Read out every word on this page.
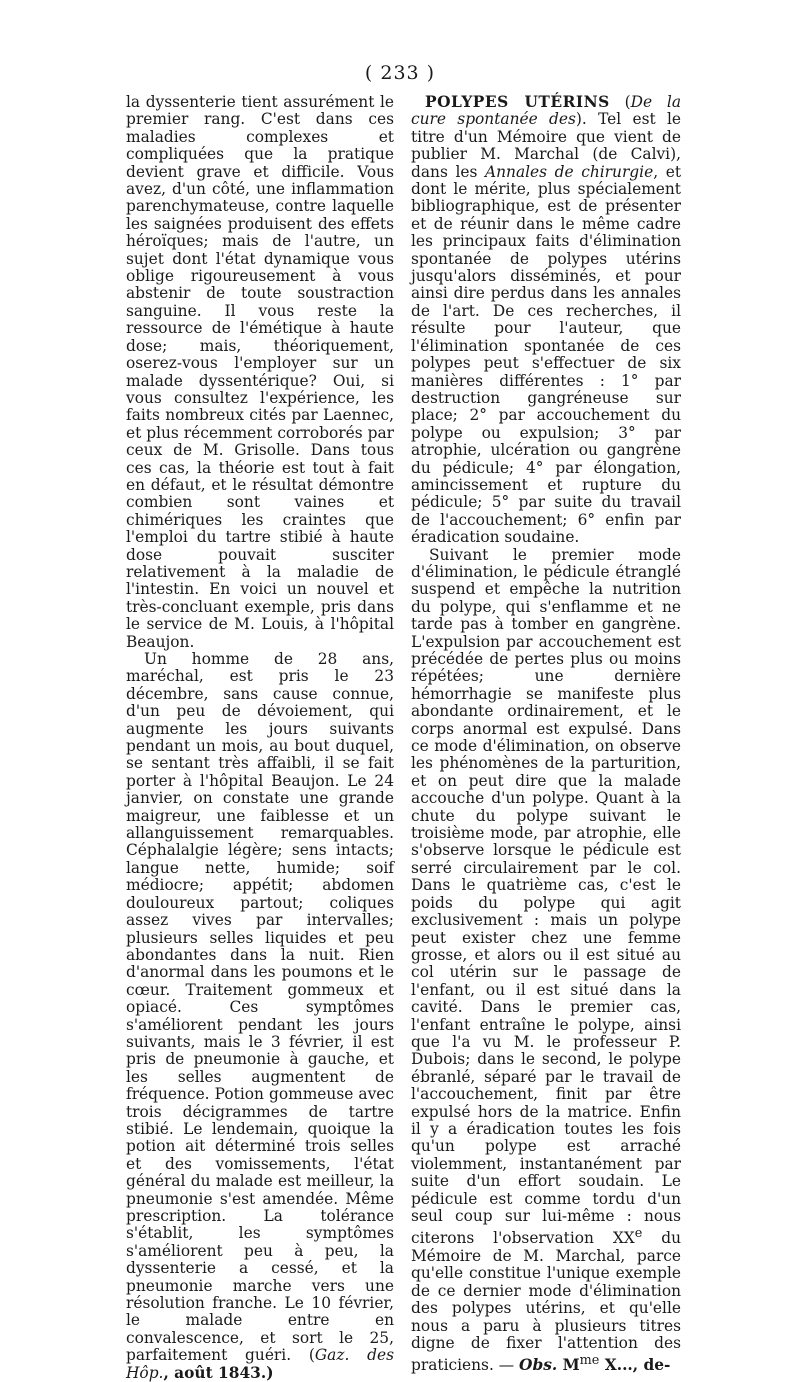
( 233 )

la dyssenterie tient assurément le premier rang. C'est dans ces maladies complexes et compliquées que la pratique devient grave et difficile. Vous avez, d'un côté, une inflammation parenchymateuse, contre laquelle les saignées produisent des effets héroïques; mais de l'autre, un sujet dont l'état dynamique vous oblige rigoureusement à vous abstenir de toute soustraction sanguine. Il vous reste la ressource de l'émétique à haute dose; mais, théoriquement, oserez-vous l'employer sur un malade dyssentérique? Oui, si vous consultez l'expérience, les faits nombreux cités par Laennec, et plus récemment corroborés par ceux de M. Grisolle. Dans tous ces cas, la théorie est tout à fait en défaut, et le résultat démontre combien sont vaines et chimériques les craintes que l'emploi du tartre stibié à haute dose pouvait susciter relativement à la maladie de l'intestin. En voici un nouvel et très-concluant exemple, pris dans le service de M. Louis, à l'hôpital Beaujon.

Un homme de 28 ans, maréchal, est pris le 23 décembre, sans cause connue, d'un peu de dévoiement, qui augmente les jours suivants pendant un mois, au bout duquel, se sentant très affaibli, il se fait porter à l'hôpital Beaujon. Le 24 janvier, on constate une grande maigreur, une faiblesse et un allanguissement remarquables. Céphalalgie légère; sens intacts; langue nette, humide; soif médiocre; appétit; abdomen douloureux partout; coliques assez vives par intervalles; plusieurs selles liquides et peu abondantes dans la nuit. Rien d'anormal dans les poumons et le cœur. Traitement gommeux et opiacé. Ces symptômes s'améliorent pendant les jours suivants, mais le 3 février, il est pris de pneumonie à gauche, et les selles augmentent de fréquence. Potion gommeuse avec trois décigrammes de tartre stibié. Le lendemain, quoique la potion ait déterminé trois selles et des vomissements, l'état général du malade est meilleur, la pneumonie s'est amendée. Même prescription. La tolérance s'établit, les symptômes s'améliorent peu à peu, la dyssenterie a cessé, et la pneumonie marche vers une résolution franche. Le 10 février, le malade entre en convalescence, et sort le 25, parfaitement guéri. (Gaz. des Hôp., août 1843.)

POLYPES UTÉRINS (De la cure spontanée des). Tel est le titre d'un Mémoire que vient de publier M. Marchal (de Calvi), dans les Annales de chirurgie, et dont le mérite, plus spécialement bibliographique, est de présenter et de réunir dans le même cadre les principaux faits d'élimination spontanée de polypes utérins jusqu'alors disséminés, et pour ainsi dire perdus dans les annales de l'art. De ces recherches, il résulte pour l'auteur, que l'élimination spontanée de ces polypes peut s'effectuer de six manières différentes : 1° par destruction gangréneuse sur place; 2° par accouchement du polype ou expulsion; 3° par atrophie, ulcération ou gangrène du pédicule; 4° par élongation, amincissement et rupture du pédicule; 5° par suite du travail de l'accouchement; 6° enfin par éradication soudaine.

Suivant le premier mode d'élimination, le pédicule étranglé suspend et empêche la nutrition du polype, qui s'enflamme et ne tarde pas à tomber en gangrène. L'expulsion par accouchement est précédée de pertes plus ou moins répétées; une dernière hémorrhagie se manifeste plus abondante ordinairement, et le corps anormal est expulsé. Dans ce mode d'élimination, on observe les phénomènes de la parturition, et on peut dire que la malade accouche d'un polype. Quant à la chute du polype suivant le troisième mode, par atrophie, elle s'observe lorsque le pédicule est serré circulairement par le col. Dans le quatrième cas, c'est le poids du polype qui agit exclusivement : mais un polype peut exister chez une femme grosse, et alors ou il est situé au col utérin sur le passage de l'enfant, ou il est situé dans la cavité. Dans le premier cas, l'enfant entraîne le polype, ainsi que l'a vu M. le professeur P. Dubois; dans le second, le polype ébranlé, séparé par le travail de l'accouchement, finit par être expulsé hors de la matrice. Enfin il y a éradication toutes les fois qu'un polype est arraché violemment, instantanément par suite d'un effort soudain. Le pédicule est comme tordu d'un seul coup sur lui-même : nous citerons l'observation XXe du Mémoire de M. Marchal, parce qu'elle constitue l'unique exemple de ce dernier mode d'élimination des polypes utérins, et qu'elle nous a paru à plusieurs titres digne de fixer l'attention des praticiens. — Obs. $M^{me}$ X..., de-
